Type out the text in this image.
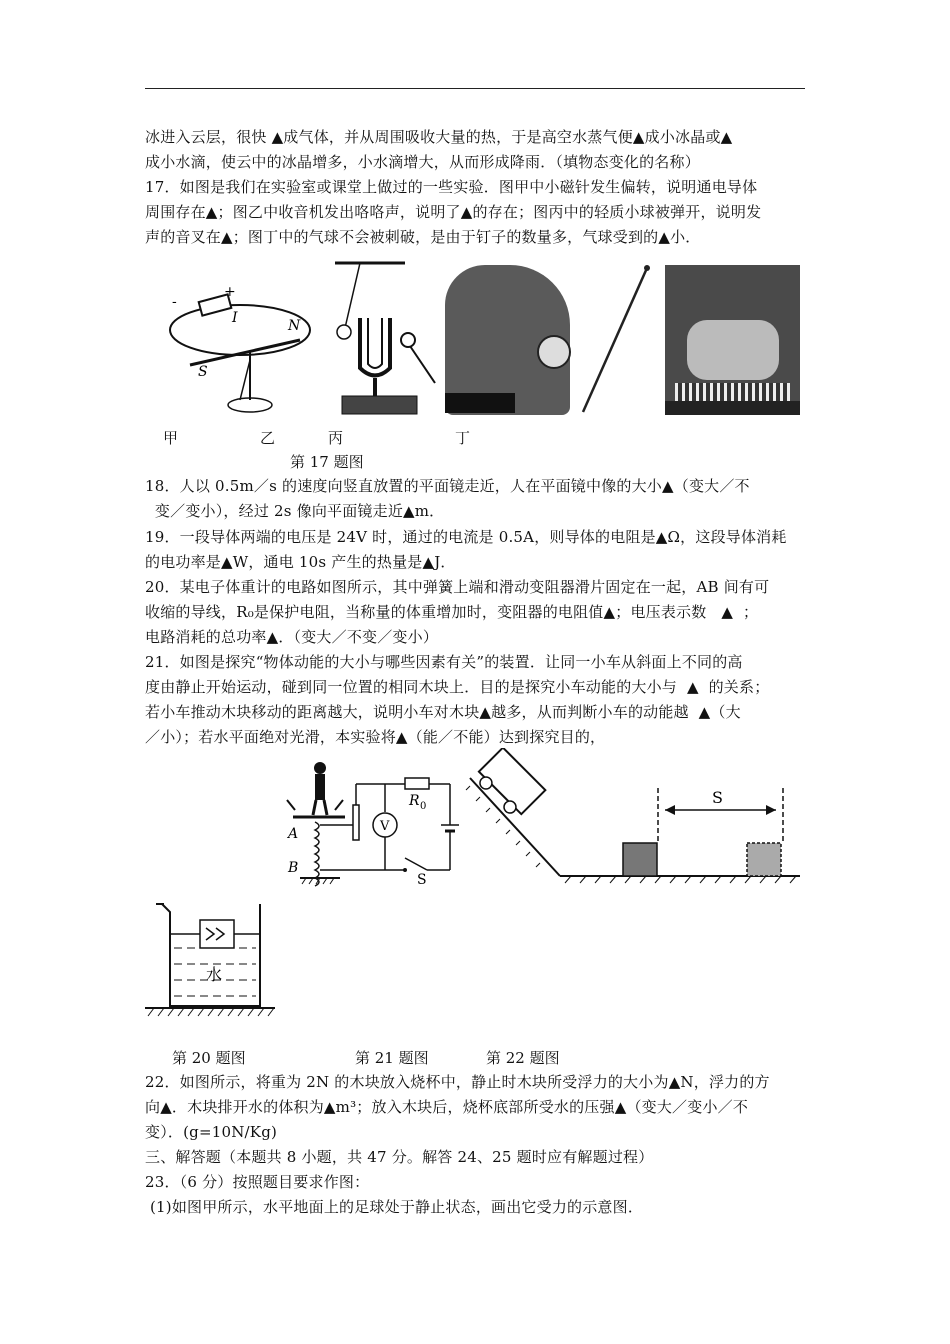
冰进入云层，很快 ▲成气体，并从周围吸收大量的热，于是高空水蒸气便▲成小冰晶或▲
成小水滴，使云中的冰晶增多，小水滴增大，从而形成降雨．（填物态变化的名称）
17．如图是我们在实验室或课堂上做过的一些实验．图甲中小磁针发生偏转，说明通电导体
周围存在▲；图乙中收音机发出咯咯声，说明了▲的存在；图丙中的轻质小球被弹开，说明发
声的音叉在▲；图丁中的气球不会被刺破，是由于钉子的数量多，气球受到的▲小．
-
+
I	N
S
甲	乙	丙	丁
第 17 题图
18．人以 0.5m／s 的速度向竖直放置的平面镜走近，人在平面镜中像的大小▲（变大／不
变／变小），经过 2s 像向平面镜走近▲m．
19．一段导体两端的电压是 24V 时，通过的电流是 0.5A，则导体的电阻是▲Ω，这段导体消耗
的电功率是▲W，通电 10s 产生的热量是▲J．
20．某电子体重计的电路如图所示，其中弹簧上端和滑动变阻器滑片固定在一起，AB 间有可
收缩的导线，R₀是保护电阻，当称量的体重增加时，变阻器的电阻值▲；电压表示数   ▲  ；
电路消耗的总功率▲．（变大／不变／变小）
21．如图是探究“物体动能的大小与哪些因素有关”的装置．让同一小车从斜面上不同的高
度由静止开始运动，碰到同一位置的相同木块上．目的是探究小车动能的大小与  ▲  的关系；
若小车推动木块移动的距离越大，说明小车对木块▲越多，从而判断小车的动能越  ▲（大
／小）；若水平面绝对光滑，本实验将▲（能／不能）达到探究目的，
V
R 0
S
A
B
S
水
第 20 题图	第 21 题图	第 22 题图
22．如图所示，将重为 2N 的木块放入烧杯中，静止时木块所受浮力的大小为▲N，浮力的方
向▲．木块排开水的体积为▲m³；放入木块后，烧杯底部所受水的压强▲（变大／变小／不
变）．(g=10N/Kg)
三、解答题（本题共 8 小题，共 47 分。解答 24、25 题时应有解题过程）
23．（6 分）按照题目要求作图：
(1)如图甲所示，水平地面上的足球处于静止状态，画出它受力的示意图．
